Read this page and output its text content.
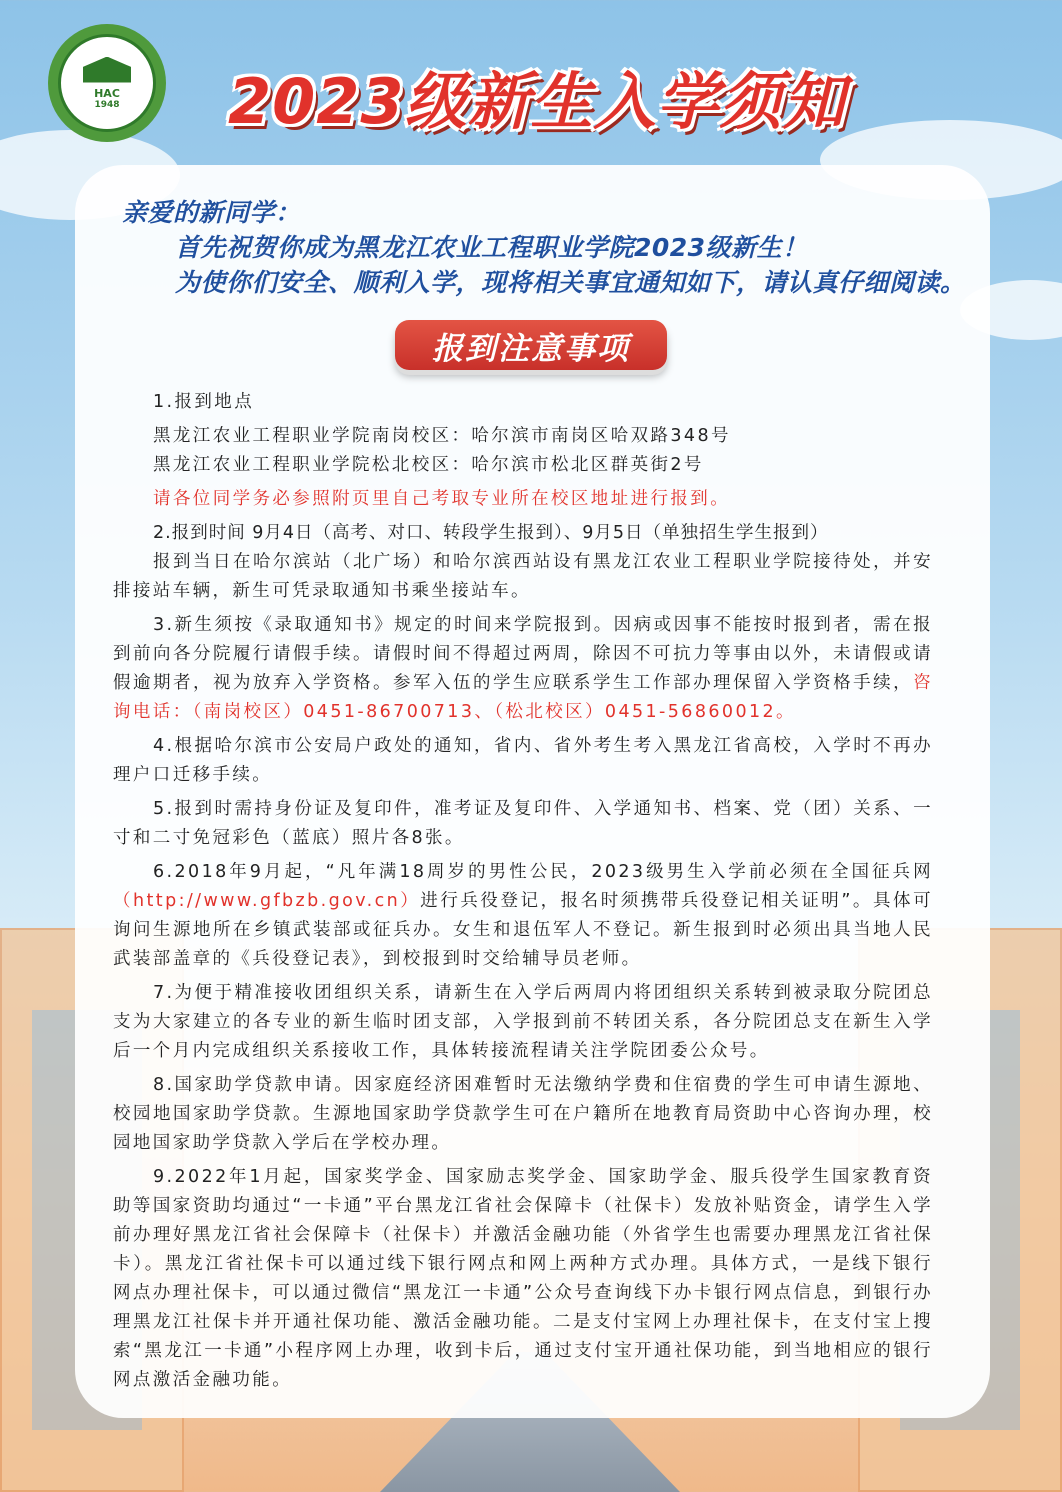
HAC
1948 2023级新生入学须知
亲爱的新同学：
首先祝贺你成为黑龙江农业工程职业学院2023级新生！
为使你们安全、顺利入学，现将相关事宜通知如下，请认真仔细阅读。
报到注意事项

1.报到地点

黑龙江农业工程职业学院南岗校区：哈尔滨市南岗区哈双路348号

黑龙江农业工程职业学院松北校区：哈尔滨市松北区群英街2号

请各位同学务必参照附页里自己考取专业所在校区地址进行报到。

2.报到时间 9月4日（高考、对口、转段学生报到）、9月5日（单独招生学生报到）

报到当日在哈尔滨站（北广场）和哈尔滨西站设有黑龙江农业工程职业学院接待处，并安排接站车辆，新生可凭录取通知书乘坐接站车。

3.新生须按《录取通知书》规定的时间来学院报到。因病或因事不能按时报到者，需在报到前向各分院履行请假手续。请假时间不得超过两周，除因不可抗力等事由以外，未请假或请假逾期者，视为放弃入学资格。参军入伍的学生应联系学生工作部办理保留入学资格手续，咨询电话：（南岗校区）0451-86700713、（松北校区）0451-56860012。

4.根据哈尔滨市公安局户政处的通知，省内、省外考生考入黑龙江省高校，入学时不再办理户口迁移手续。

5.报到时需持身份证及复印件，准考证及复印件、入学通知书、档案、党（团）关系、一寸和二寸免冠彩色（蓝底）照片各8张。

6.2018年9月起，“凡年满18周岁的男性公民，2023级男生入学前必须在全国征兵网（http://www.gfbzb.gov.cn）进行兵役登记，报名时须携带兵役登记相关证明”。具体可询问生源地所在乡镇武装部或征兵办。女生和退伍军人不登记。新生报到时必须出具当地人民武装部盖章的《兵役登记表》，到校报到时交给辅导员老师。

7.为便于精准接收团组织关系，请新生在入学后两周内将团组织关系转到被录取分院团总支为大家建立的各专业的新生临时团支部，入学报到前不转团关系，各分院团总支在新生入学后一个月内完成组织关系接收工作，具体转接流程请关注学院团委公众号。

8.国家助学贷款申请。因家庭经济困难暂时无法缴纳学费和住宿费的学生可申请生源地、校园地国家助学贷款。生源地国家助学贷款学生可在户籍所在地教育局资助中心咨询办理，校园地国家助学贷款入学后在学校办理。

9.2022年1月起，国家奖学金、国家励志奖学金、国家助学金、服兵役学生国家教育资助等国家资助均通过“一卡通”平台黑龙江省社会保障卡（社保卡）发放补贴资金，请学生入学前办理好黑龙江省社会保障卡（社保卡）并激活金融功能（外省学生也需要办理黑龙江省社保卡）。黑龙江省社保卡可以通过线下银行网点和网上两种方式办理。具体方式，一是线下银行网点办理社保卡，可以通过微信“黑龙江一卡通”公众号查询线下办卡银行网点信息，到银行办理黑龙江社保卡并开通社保功能、激活金融功能。二是支付宝网上办理社保卡，在支付宝上搜索“黑龙江一卡通”小程序网上办理，收到卡后，通过支付宝开通社保功能，到当地相应的银行网点激活金融功能。
